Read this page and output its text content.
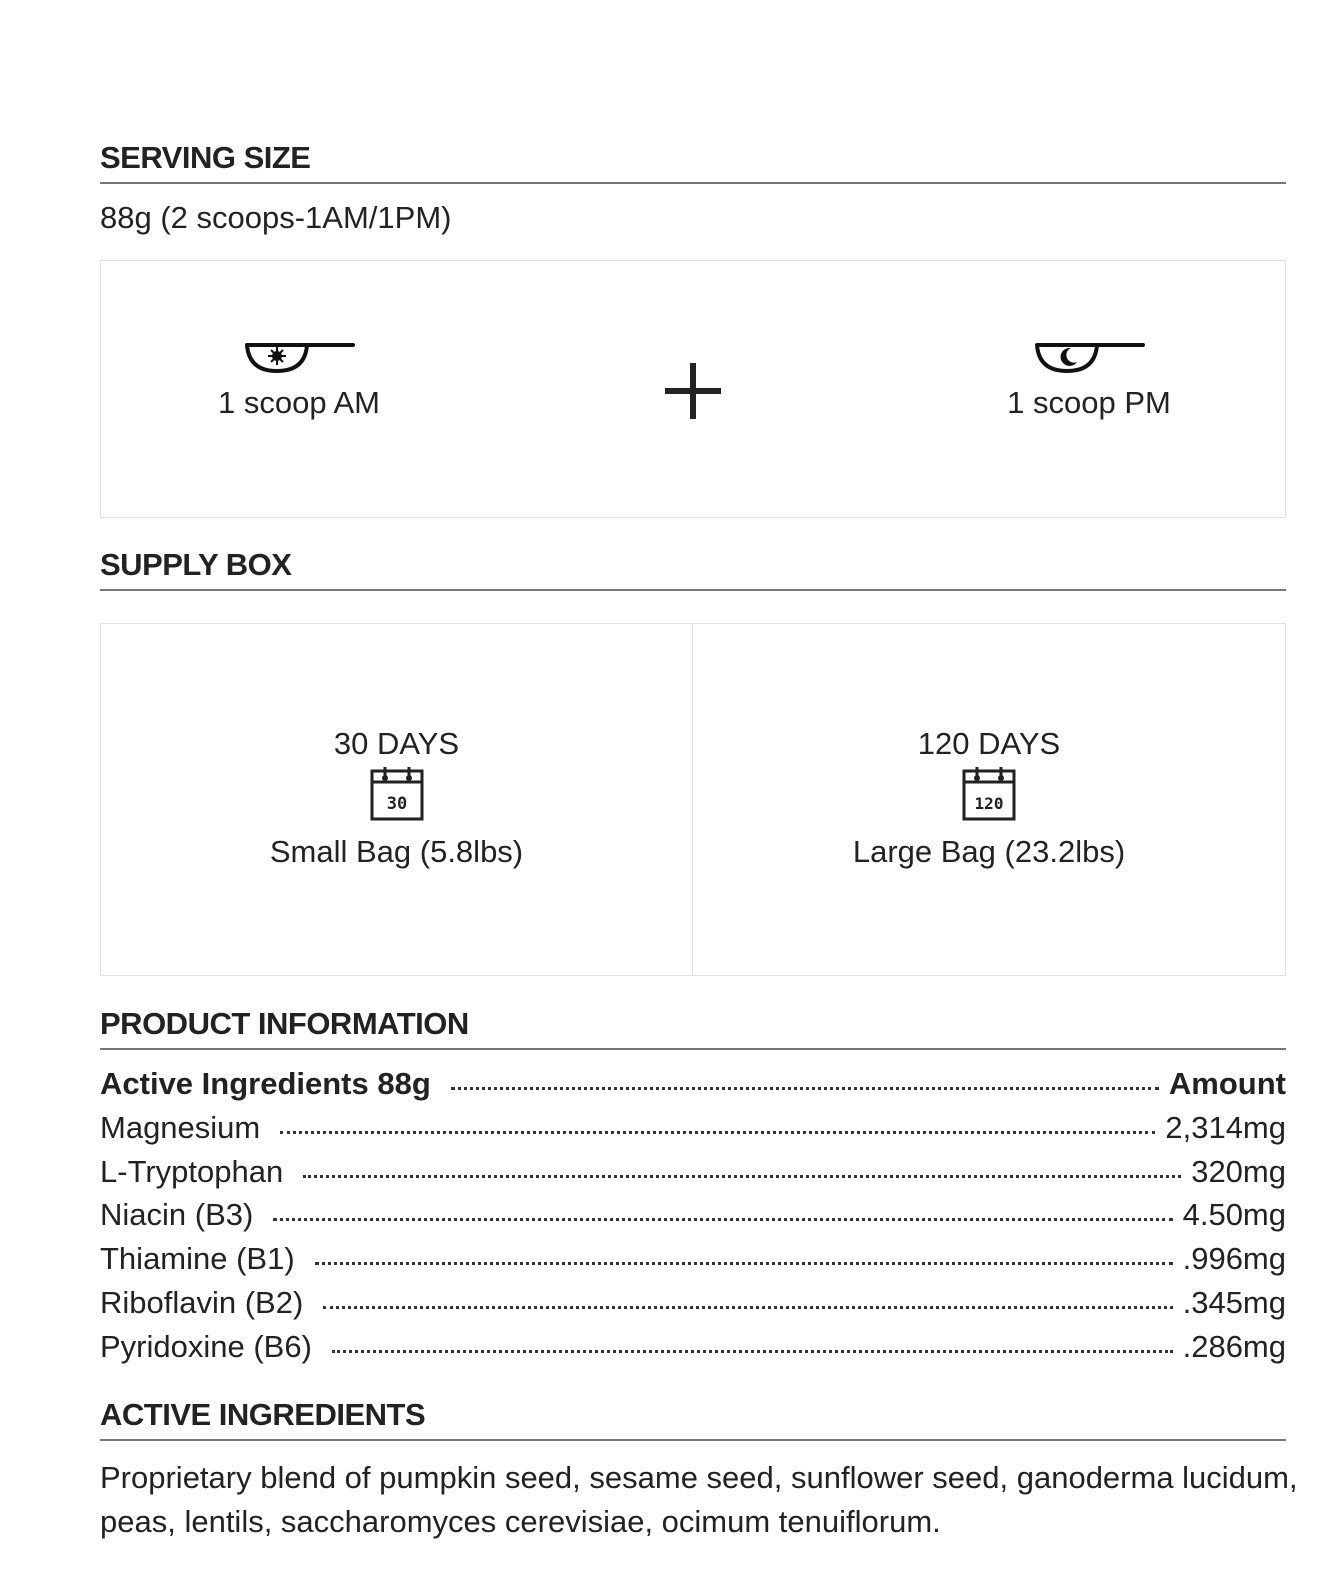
SERVING SIZE
88g (2 scoops-1AM/1PM)
1 scoop AM	1 scoop PM
SUPPLY BOX
30 DAYS
30
Small Bag (5.8lbs)
120 DAYS
120
Large Bag (23.2lbs)
PRODUCT INFORMATION
Active Ingredients 88g	Amount
Magnesium	2,314mg
L-Tryptophan	320mg
Niacin (B3)	4.50mg
Thiamine (B1)	.996mg
Riboflavin (B2)	.345mg
Pyridoxine (B6)	.286mg
ACTIVE INGREDIENTS
Proprietary blend of pumpkin seed, sesame seed, sunflower seed, ganoderma lucidum, peas, lentils, saccharomyces cerevisiae, ocimum tenuiflorum.
